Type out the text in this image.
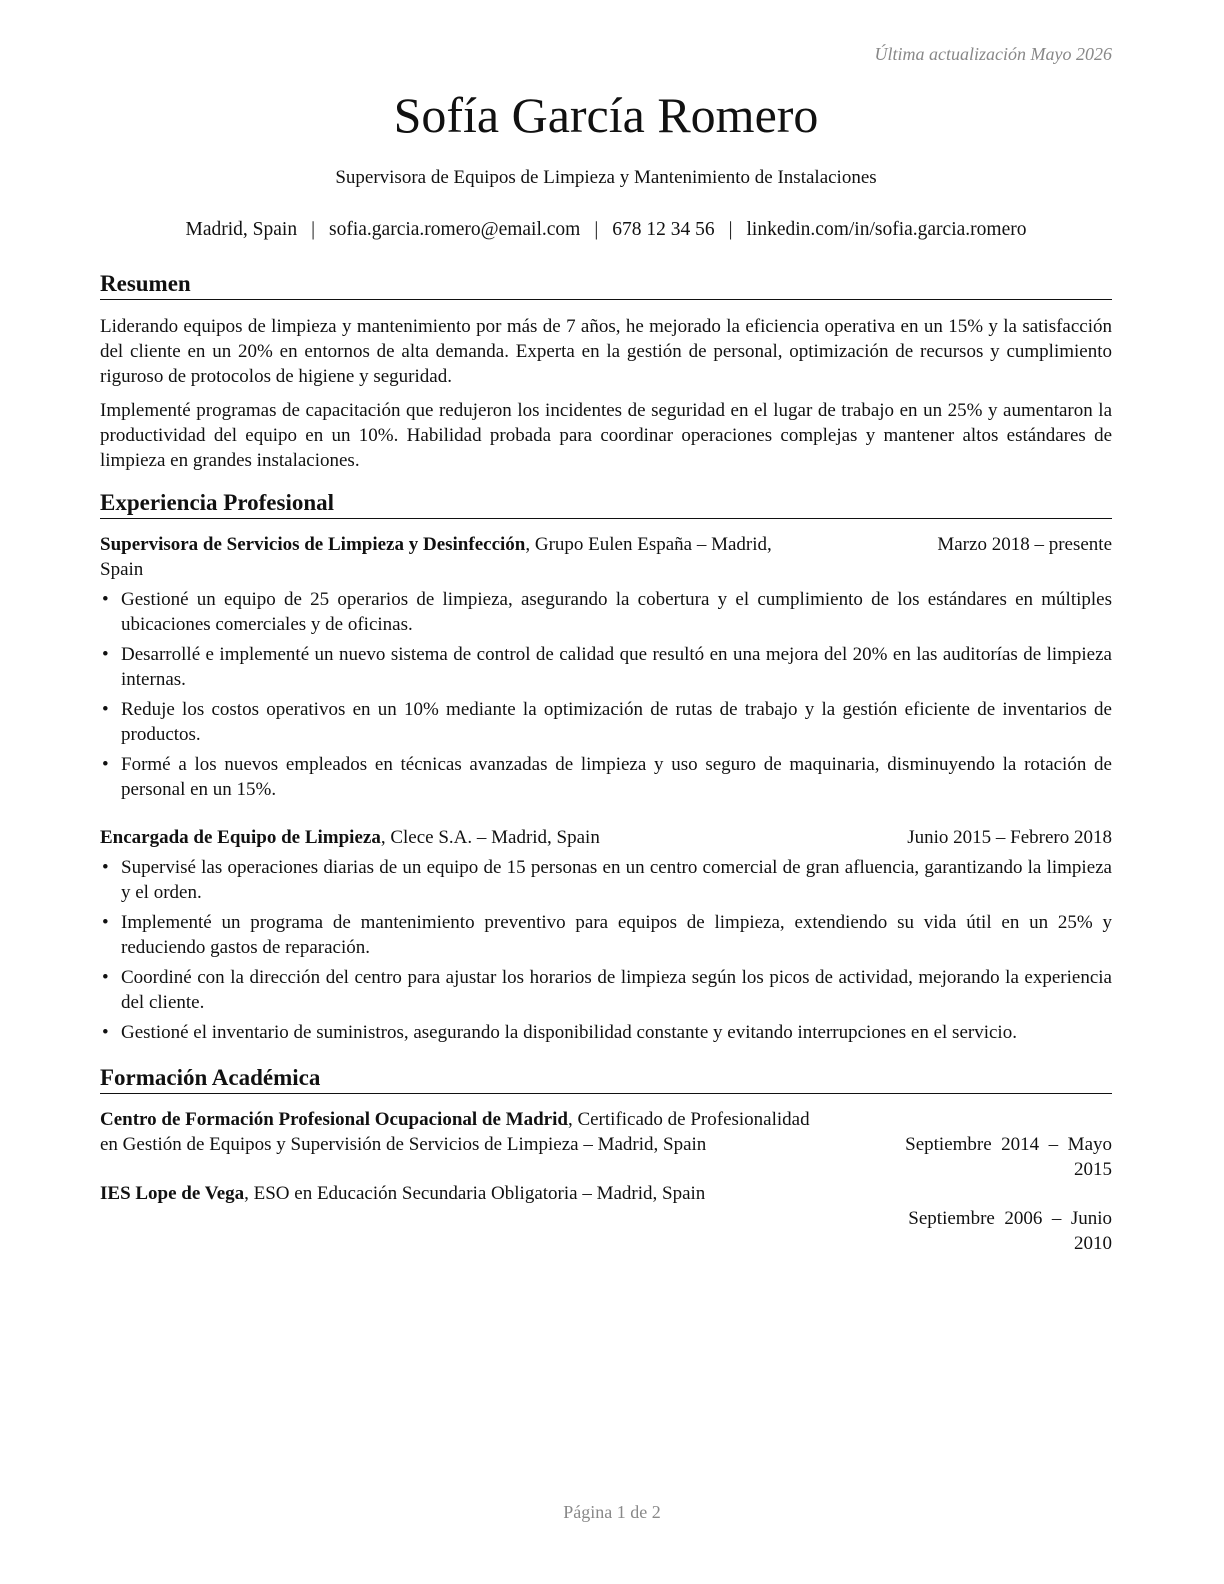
Última actualización Mayo 2026
Sofía García Romero
Supervisora de Equipos de Limpieza y Mantenimiento de Instalaciones
Madrid, Spain | sofia.garcia.romero@email.com | 678 12 34 56 | linkedin.com/in/sofia.garcia.romero
Resumen

Liderando equipos de limpieza y mantenimiento por más de 7 años, he mejorado la eficiencia operativa en un 15% y la satisfacción del cliente en un 20% en entornos de alta demanda. Experta en la gestión de personal, optimización de recursos y cumplimiento riguroso de protocolos de higiene y seguridad.

Implementé programas de capacitación que redujeron los incidentes de seguridad en el lugar de trabajo en un 25% y aumentaron la productividad del equipo en un 10%. Habilidad probada para coordinar operaciones complejas y mantener altos estándares de limpieza en grandes instalaciones.

Experiencia Profesional
Supervisora de Servicios de Limpieza y Desinfección, Grupo Eulen España – Madrid,
Spain
Marzo 2018 – presente
• Gestioné un equipo de 25 operarios de limpieza, asegurando la cobertura y el cumplimiento de los estándares en múltiples ubicaciones comerciales y de oficinas.
• Desarrollé e implementé un nuevo sistema de control de calidad que resultó en una mejora del 20% en las auditorías de limpieza internas.
• Reduje los costos operativos en un 10% mediante la optimización de rutas de trabajo y la gestión eficiente de inventarios de productos.
• Formé a los nuevos empleados en técnicas avanzadas de limpieza y uso seguro de maquinaria, disminuyendo la rotación de personal en un 15%.
Encargada de Equipo de Limpieza, Clece S.A. – Madrid, Spain	Junio 2015 – Febrero 2018
• Supervisé las operaciones diarias de un equipo de 15 personas en un centro comercial de gran afluencia, garantizando la limpieza y el orden.
• Implementé un programa de mantenimiento preventivo para equipos de limpieza, extendiendo su vida útil en un 25% y reduciendo gastos de reparación.
• Coordiné con la dirección del centro para ajustar los horarios de limpieza según los picos de actividad, mejorando la experiencia del cliente.
• Gestioné el inventario de suministros, asegurando la disponibilidad constante y evitando interrupciones en el servicio.
Formación Académica
Centro de Formación Profesional Ocupacional de Madrid, Certificado de Profesionalidad
en Gestión de Equipos y Supervisión de Servicios de Limpieza – Madrid, Spain	Septiembre  2014  –  Mayo
2015

IES Lope de Vega, ESO en Educación Secundaria Obligatoria – Madrid, Spain

Septiembre  2006  –  Junio
2010

Página 1 de 2
